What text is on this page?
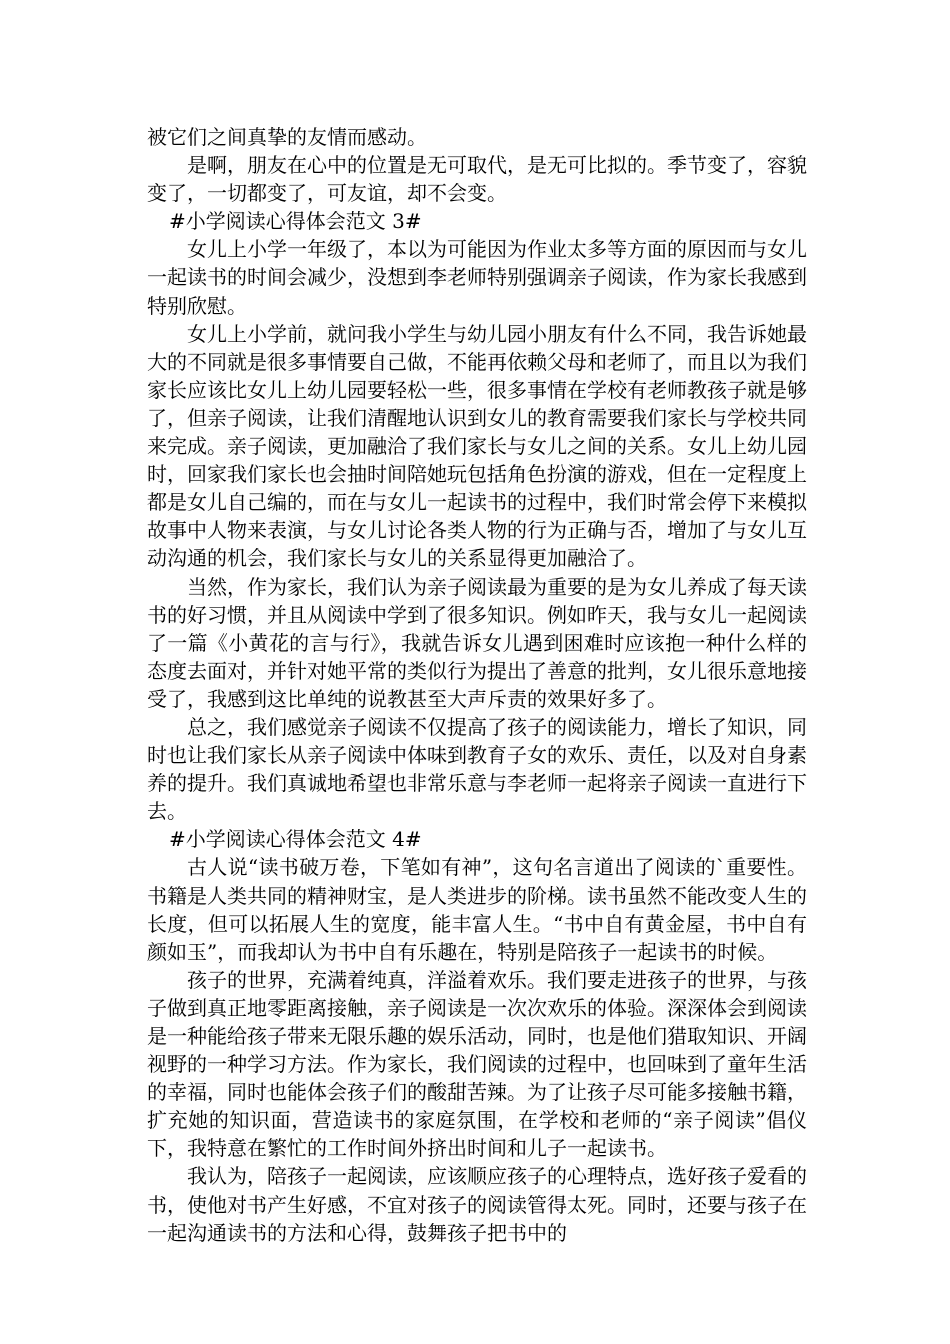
被它们之间真挚的友情而感动。

是啊，朋友在心中的位置是无可取代，是无可比拟的。季节变了，容貌变了，一切都变了，可友谊，却不会变。

#小学阅读心得体会范文 3#

女儿上小学一年级了，本以为可能因为作业太多等方面的原因而与女儿一起读书的时间会减少，没想到李老师特别强调亲子阅读，作为家长我感到特别欣慰。

女儿上小学前，就问我小学生与幼儿园小朋友有什么不同，我告诉她最大的不同就是很多事情要自己做，不能再依赖父母和老师了，而且以为我们家长应该比女儿上幼儿园要轻松一些，很多事情在学校有老师教孩子就是够了，但亲子阅读，让我们清醒地认识到女儿的教育需要我们家长与学校共同来完成。亲子阅读，更加融洽了我们家长与女儿之间的关系。女儿上幼儿园时，回家我们家长也会抽时间陪她玩包括角色扮演的游戏，但在一定程度上都是女儿自己编的，而在与女儿一起读书的过程中，我们时常会停下来模拟故事中人物来表演，与女儿讨论各类人物的行为正确与否，增加了与女儿互动沟通的机会，我们家长与女儿的关系显得更加融洽了。

当然，作为家长，我们认为亲子阅读最为重要的是为女儿养成了每天读书的好习惯，并且从阅读中学到了很多知识。例如昨天，我与女儿一起阅读了一篇《小黄花的言与行》，我就告诉女儿遇到困难时应该抱一种什么样的态度去面对，并针对她平常的类似行为提出了善意的批判，女儿很乐意地接受了，我感到这比单纯的说教甚至大声斥责的效果好多了。

总之，我们感觉亲子阅读不仅提高了孩子的阅读能力，增长了知识，同时也让我们家长从亲子阅读中体味到教育子女的欢乐、责任，以及对自身素养的提升。我们真诚地希望也非常乐意与李老师一起将亲子阅读一直进行下去。

#小学阅读心得体会范文 4#

古人说“读书破万卷，下笔如有神”，这句名言道出了阅读的`重要性。书籍是人类共同的精神财宝，是人类进步的阶梯。读书虽然不能改变人生的长度，但可以拓展人生的宽度，能丰富人生。“书中自有黄金屋，书中自有颜如玉”，而我却认为书中自有乐趣在，特别是陪孩子一起读书的时候。

孩子的世界，充满着纯真，洋溢着欢乐。我们要走进孩子的世界，与孩子做到真正地零距离接触，亲子阅读是一次次欢乐的体验。深深体会到阅读是一种能给孩子带来无限乐趣的娱乐活动，同时，也是他们猎取知识、开阔视野的一种学习方法。作为家长，我们阅读的过程中，也回味到了童年生活的幸福，同时也能体会孩子们的酸甜苦辣。为了让孩子尽可能多接触书籍，扩充她的知识面，营造读书的家庭氛围，在学校和老师的“亲子阅读”倡仪下，我特意在繁忙的工作时间外挤出时间和儿子一起读书。

我认为，陪孩子一起阅读，应该顺应孩子的心理特点，选好孩子爱看的书，使他对书产生好感，不宜对孩子的阅读管得太死。同时，还要与孩子在一起沟通读书的方法和心得，鼓舞孩子把书中的
